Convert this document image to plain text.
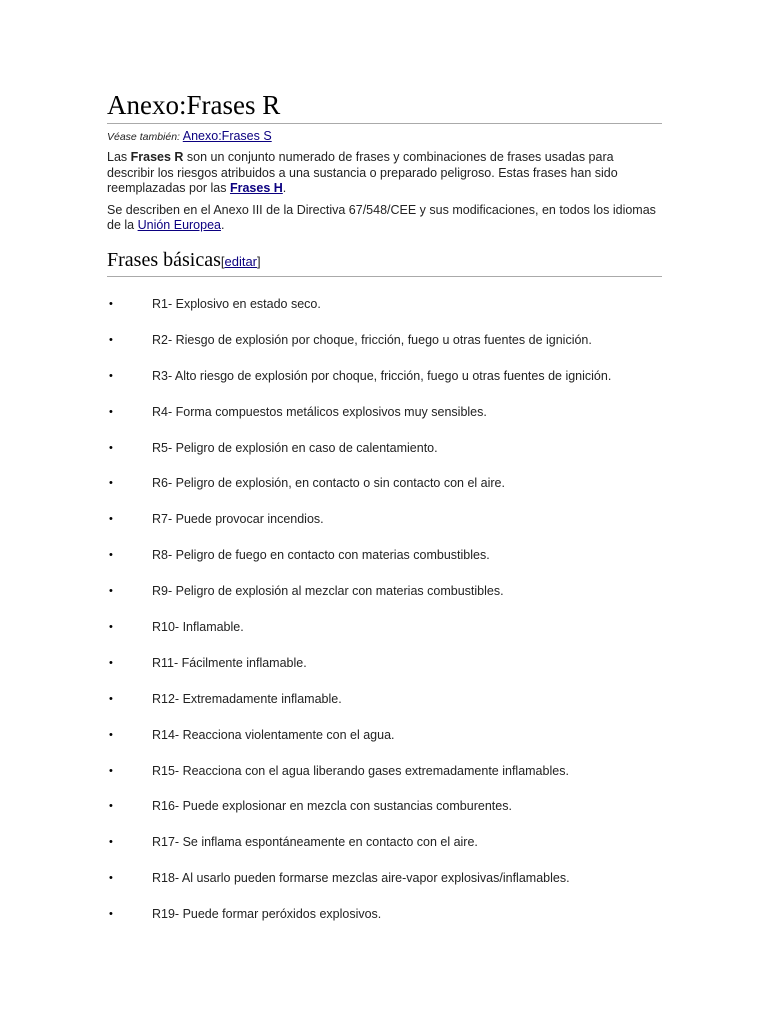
Anexo:Frases R
Véase también: Anexo:Frases S

Las Frases R son un conjunto numerado de frases y combinaciones de frases usadas para describir los riesgos atribuidos a una sustancia o preparado peligroso. Estas frases han sido reemplazadas por las Frases H.

Se describen en el Anexo III de la Directiva 67/548/CEE y sus modificaciones, en todos los idiomas de la Unión Europea.

Frases básicas[editar]
•	R1- Explosivo en estado seco.
•	R2- Riesgo de explosión por choque, fricción, fuego u otras fuentes de ignición.
•	R3- Alto riesgo de explosión por choque, fricción, fuego u otras fuentes de ignición.
•	R4- Forma compuestos metálicos explosivos muy sensibles.
•	R5- Peligro de explosión en caso de calentamiento.
•	R6- Peligro de explosión, en contacto o sin contacto con el aire.
•	R7- Puede provocar incendios.
•	R8- Peligro de fuego en contacto con materias combustibles.
•	R9- Peligro de explosión al mezclar con materias combustibles.
•	R10- Inflamable.
•	R11- Fácilmente inflamable.
•	R12- Extremadamente inflamable.
•	R14- Reacciona violentamente con el agua.
•	R15- Reacciona con el agua liberando gases extremadamente inflamables.
•	R16- Puede explosionar en mezcla con sustancias comburentes.
•	R17- Se inflama espontáneamente en contacto con el aire.
•	R18- Al usarlo pueden formarse mezclas aire-vapor explosivas/inflamables.
•	R19- Puede formar peróxidos explosivos.
